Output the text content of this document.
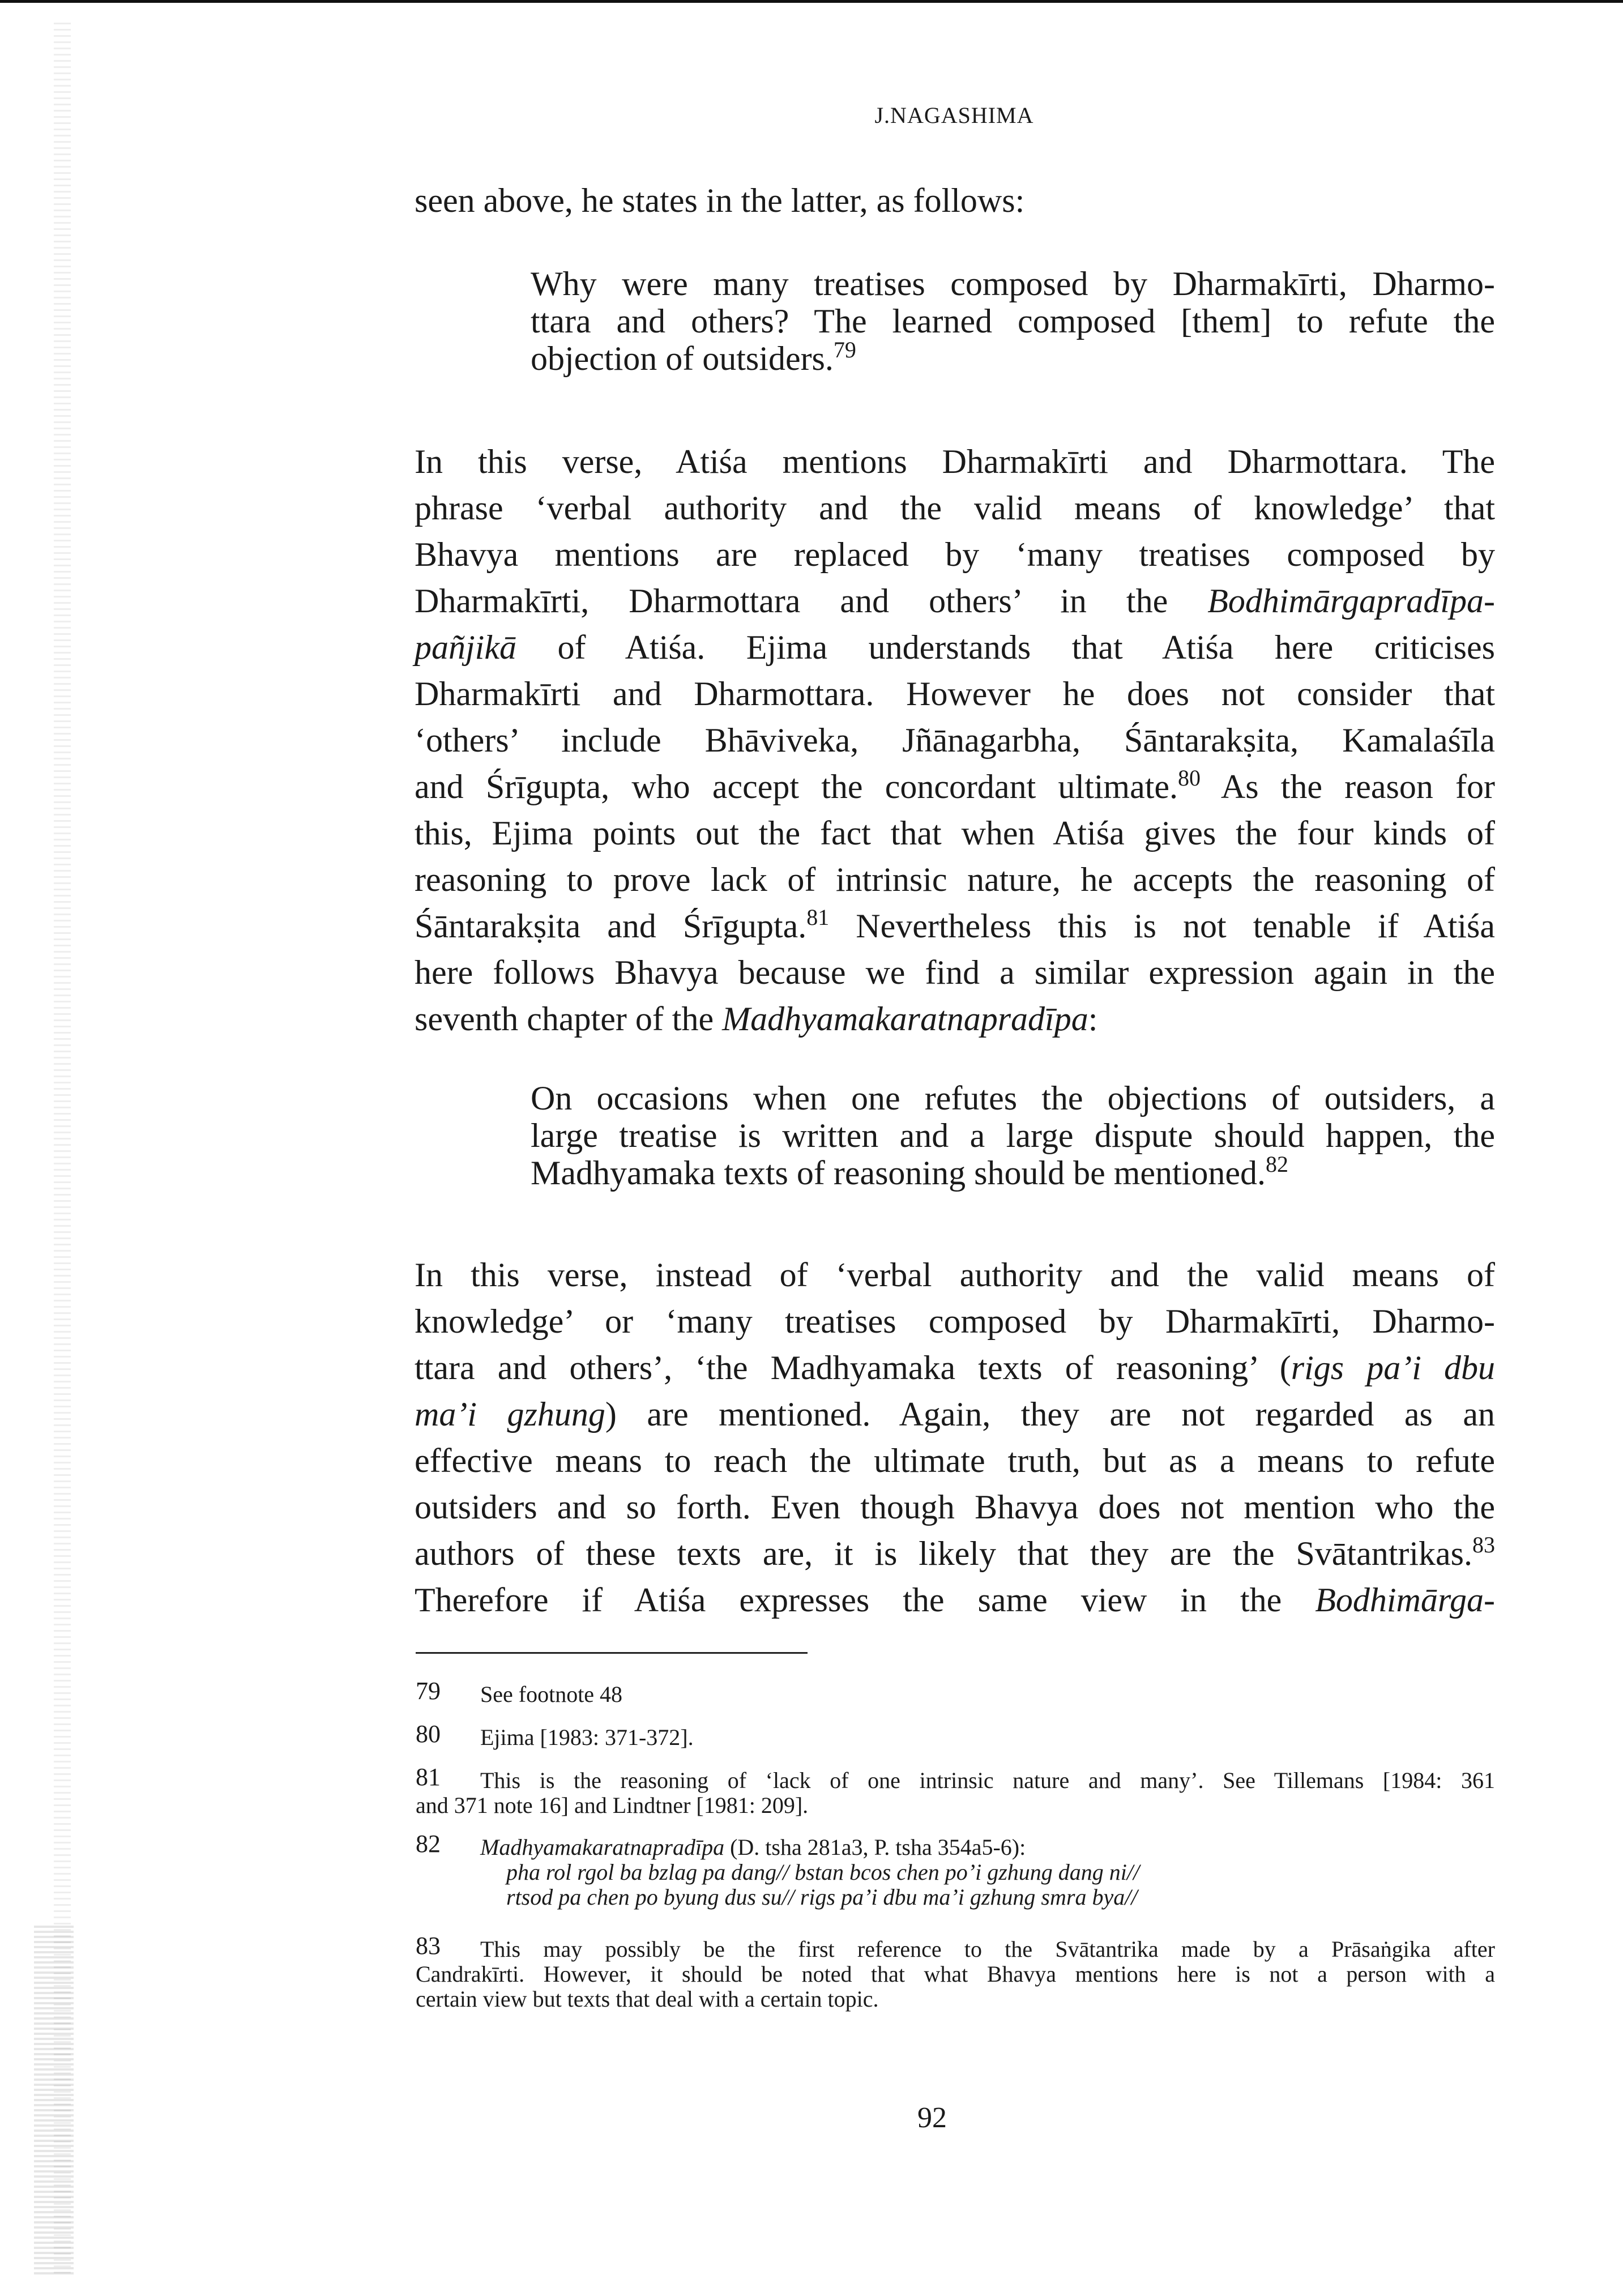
J.NAGASHIMA
seen above, he states in the latter, as follows:
Why were many treatises composed by Dharmakīrti, Dharmo-
ttara and others? The learned composed [them] to refute the
objection of outsiders.$^{79}$
In this verse, Atiśa mentions Dharmakīrti and Dharmottara. The
phrase ‘verbal authority and the valid means of knowledge’ that
Bhavya mentions are replaced by ‘many treatises composed by
Dharmakīrti, Dharmottara and others’ in the Bodhimārgapradīpa-
pañjikā of Atiśa. Ejima understands that Atiśa here criticises
Dharmakīrti and Dharmottara. However he does not consider that
‘others’ include Bhāviveka, Jñānagarbha, Śāntarakṣita, Kamalaśīla
and Śrīgupta, who accept the concordant ultimate.$^{80}$ As the reason for
this, Ejima points out the fact that when Atiśa gives the four kinds of
reasoning to prove lack of intrinsic nature, he accepts the reasoning of
Śāntarakṣita and Śrīgupta.$^{81}$ Nevertheless this is not tenable if Atiśa
here follows Bhavya because we find a similar expression again in the
seventh chapter of the Madhyamakaratnapradīpa:
On occasions when one refutes the objections of outsiders, a
large treatise is written and a large dispute should happen, the
Madhyamaka texts of reasoning should be mentioned.$^{82}$
In this verse, instead of ‘verbal authority and the valid means of
knowledge’ or ‘many treatises composed by Dharmakīrti, Dharmo-
ttara and others’, ‘the Madhyamaka texts of reasoning’ (rigs pa’i dbu
ma’i gzhung) are mentioned. Again, they are not regarded as an
effective means to reach the ultimate truth, but as a means to refute
outsiders and so forth. Even though Bhavya does not mention who the
authors of these texts are, it is likely that they are the Svātantrikas.$^{83}$
Therefore if Atiśa expresses the same view in the Bodhimārga-
79 See footnote 48
80 Ejima [1983: 371-372].
81 This is the reasoning of ‘lack of one intrinsic nature and many’. See Tillemans [1984: 361
and 371 note 16] and Lindtner [1981: 209].
82 Madhyamakaratnapradīpa (D. tsha 281a3, P. tsha 354a5-6):
pha rol rgol ba bzlag pa dang// bstan bcos chen po’i gzhung dang ni//
rtsod pa chen po byung dus su// rigs pa’i dbu ma’i gzhung smra bya//
83 This may possibly be the first reference to the Svātantrika made by a Prāsaṅgika after
Candrakīrti. However, it should be noted that what Bhavya mentions here is not a person with a
certain view but texts that deal with a certain topic.
92
